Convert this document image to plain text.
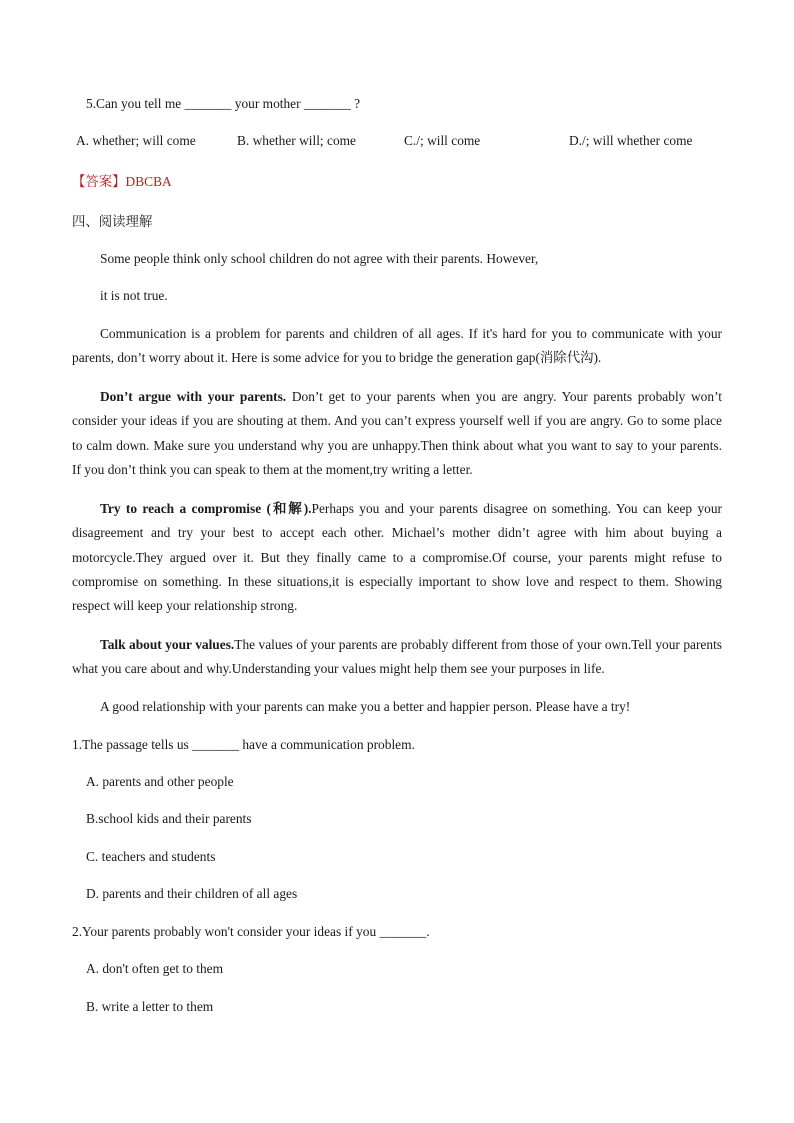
5.Can you tell me _______ your mother _______ ?
A. whether; will come	B. whether will; come	C./; will come	D./; will whether come
【答案】DBCBA
四、阅读理解
Some people think only school children do not agree with their parents. However,
it is not true.
Communication is a problem for parents and children of all ages. If it's hard for you to communicate with your parents, don’t worry about it. Here is some advice for you to bridge the generation gap(消除代沟).
Don’t argue with your parents. Don’t get to your parents when you are angry. Your parents probably won’t consider your ideas if you are shouting at them. And you can’t express yourself well if you are angry. Go to some place to calm down. Make sure you understand why you are unhappy.Then think about what you want to say to your parents. If you don’t think you can speak to them at the moment,try writing a letter.
Try to reach a compromise (和解).Perhaps you and your parents disagree on something. You can keep your disagreement and try your best to accept each other. Michael’s mother didn’t agree with him about buying a motorcycle.They argued over it. But they finally came to a compromise.Of course, your parents might refuse to compromise on something. In these situations,it is especially important to show love and respect to them. Showing respect will keep your relationship strong.
Talk about your values.The values of your parents are probably different from those of your own.Tell your parents what you care about and why.Understanding your values might help them see your purposes in life.
A good relationship with your parents can make you a better and happier person. Please have a try!
1.The passage tells us _______ have a communication problem.
A. parents and other people
B.school kids and their parents
C. teachers and students
D. parents and their children of all ages
2.Your parents probably won't consider your ideas if you _______.
A. don't often get to them
B. write a letter to them
